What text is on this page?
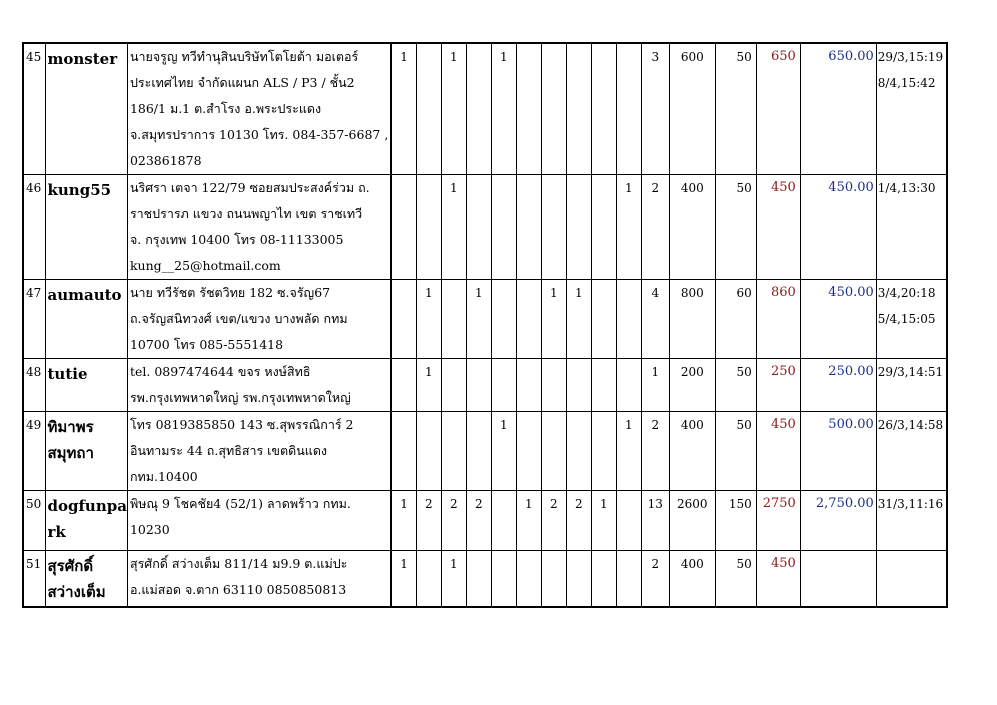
45	monster	นายจรูญ ทวีทำนุสินบริษัทโตโยต้า มอเตอร์
ประเทศไทย จำกัดแผนก ALS / P3 / ชั้น2
186/1 ม.1 ต.สำโรง อ.พระประแดง
จ.สมุทรปราการ 10130 โทร. 084-357-6687 ,
023861878	1		1		1						3	600	50	650	650.00	29/3,15:19
8/4,15:42

46	kung55	นริศรา เตจา 122/79 ซอยสมประสงค์ร่วม ถ.
ราชปรารภ แขวง ถนนพญาไท เขต ราชเทวี
จ. กรุงเทพ 10400 โทร 08-11133005
kung__25@hotmail.com			1							1	2	400	50	450	450.00	1/4,13:30

47	aumauto	นาย ทวีรัชต รัชตวิทย 182 ซ.จรัญ67
ถ.จรัญสนิทวงศ์ เขต/แขวง บางพลัด กทม
10700 โทร 085-5551418		1		1			1	1			4	800	60	860	450.00	3/4,20:18
5/4,15:05

48	tutie	tel. 0897474644 ขจร หงษ์สิทธิ
รพ.กรุงเทพหาดใหญ่ รพ.กรุงเทพหาดใหญ่		1									1	200	50	250	250.00	29/3,14:51

49	ทิมาพร
สมุทถา	โทร 0819385850 143 ซ.สุพรรณิการ์ 2
อินทามระ 44 ถ.สุทธิสาร เขตดินแดง
กทม.10400					1					1	2	400	50	450	500.00	26/3,14:58

50	dogfunpa
rk	พิษณุ 9 โชคชัย4 (52/1) ลาดพร้าว กทม.
10230	1	2	2	2		1	2	2	1		13	2600	150	2750	2,750.00	31/3,11:16

51	สุรศักดิ์
สว่างเต็ม	สุรศักดิ์ สว่างเต็ม 811/14 ม9.9 ต.แม่ปะ
อ.แม่สอด จ.ตาก 63110 0850850813	1		1								2	400	50	450		
